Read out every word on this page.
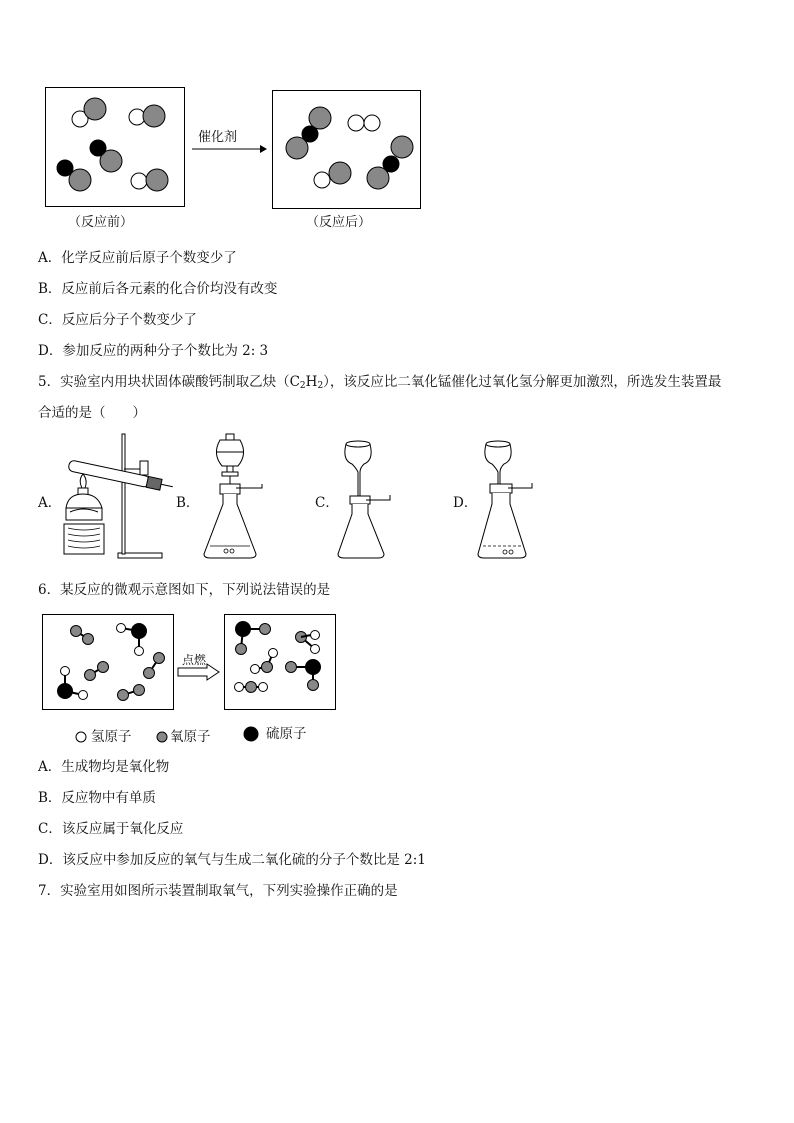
催化剂
（反应前）	（反应后）
A．化学反应前后原子个数变少了
B．反应前后各元素的化合价均没有改变
C．反应后分子个数变少了
D．参加反应的两种分子个数比为 2: 3
5．实验室内用块状固体碳酸钙制取乙炔$(C_2H_2)$，该反应比二氧化锰催化过氧化氢分解更加激烈，所选发生装置最
合适的是（　　）
A．	B．	C．	D．
6．某反应的微观示意图如下，下列说法错误的是
点燃
氢原子	氧原子	硫原子
A．生成物均是氧化物
B．反应物中有单质
C．该反应属于氧化反应
D．该反应中参加反应的氧气与生成二氧化硫的分子个数比是 2:1
7．实验室用如图所示装置制取氧气，下列实验操作正确的是
